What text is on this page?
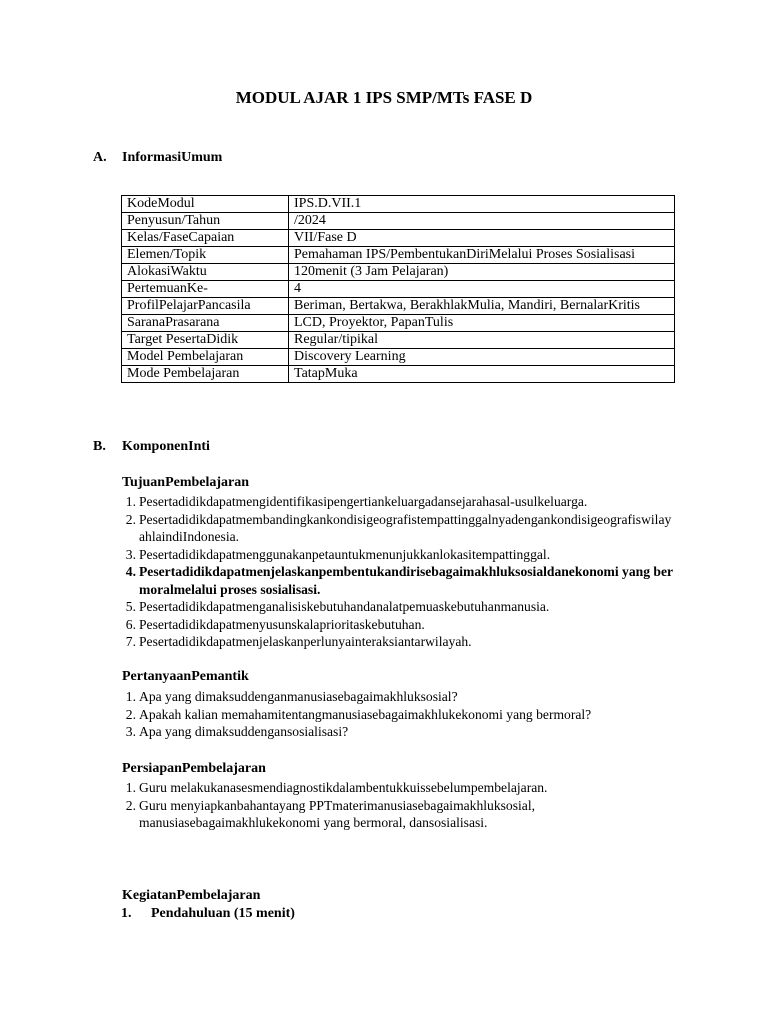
MODUL AJAR 1 IPS SMP/MTs FASE D

A. InformasiUmum

KodeModul	IPS.D.VII.1
Penyusun/Tahun	/2024
Kelas/FaseCapaian	VII/Fase D
Elemen/Topik	Pemahaman IPS/PembentukanDiriMelalui Proses Sosialisasi
AlokasiWaktu	120menit (3 Jam Pelajaran)
PertemuanKe-	4
ProfilPelajarPancasila	Beriman, Bertakwa, BerakhlakMulia, Mandiri, BernalarKritis
SaranaPrasarana	LCD, Proyektor, PapanTulis
Target PesertaDidik	Regular/tipikal
Model Pembelajaran	Discovery Learning
Mode Pembelajaran	TatapMuka

B. KomponenInti

TujuanPembelajaran

1. Pesertadidikdapatmengidentifikasipengertiankeluargadansejarahasal-usulkeluarga.
2. PesertadidikdapatmembandingkankondisigeografistempattinggalnyadengankondisigeografiswilayahlaindiIndonesia.
3. Pesertadidikdapatmenggunakanpetauntukmenunjukkanlokasitempattinggal.
4. Pesertadidikdapatmenjelaskanpembentukandirisebagaimakhluksosialdanekonomi yang bermoralmelalui proses sosialisasi.
5. Pesertadidikdapatmenganalisiskebutuhandanalatpemuaskebutuhanmanusia.
6. Pesertadidikdapatmenyusunskalaprioritaskebutuhan.
7. Pesertadidikdapatmenjelaskanperlunyainteraksiantarwilayah.

PertanyaanPemantik

1. Apa yang dimaksuddenganmanusiasebagaimakhluksosial?
2. Apakah kalian memahamitentangmanusiasebagaimakhlukekonomi yang bermoral?
3. Apa yang dimaksuddengansosialisasi?

PersiapanPembelajaran

1. Guru melakukanasesmendiagnostikdalambentukkuissebelumpembelajaran.
2. Guru menyiapkanbahantayang PPTmaterimanusiasebagaimakhluksosial, manusiasebagaimakhlukekonomi yang bermoral, dansosialisasi.

KegiatanPembelajaran

1. Pendahuluan (15 menit)
